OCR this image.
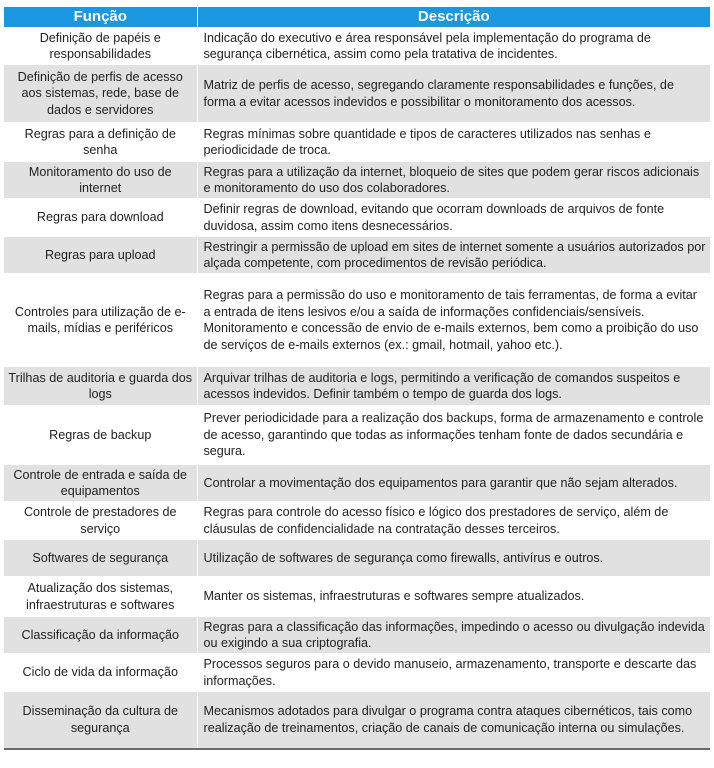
Função	Descrição
Definição de papéis e responsabilidades	Indicação do executivo e área responsável pela implementação do programa de segurança cibernética, assim como pela tratativa de incidentes.
Definição de perfis de acesso aos sistemas, rede, base de dados e servidores	Matriz de perfis de acesso, segregando claramente responsabilidades e funções, de forma a evitar acessos indevidos e possibilitar o monitoramento dos acessos.
Regras para a definição de senha	Regras mínimas sobre quantidade e tipos de caracteres utilizados nas senhas e periodicidade de troca.
Monitoramento do uso de internet	Regras para a utilização da internet, bloqueio de sites que podem gerar riscos adicionais e monitoramento do uso dos colaboradores.
Regras para download	Definir regras de download, evitando que ocorram downloads de arquivos de fonte duvidosa, assim como itens desnecessários.
Regras para upload	Restringir a permissão de upload em sites de internet somente a usuários autorizados por alçada competente, com procedimentos de revisão periódica.
Controles para utilização de e-mails, mídias e periféricos	Regras para a permissão do uso e monitoramento de tais ferramentas, de forma a evitar a entrada de itens lesivos e/ou a saída de informações confidenciais/sensíveis. Monitoramento e concessão de envio de e-mails externos, bem como a proibição do uso de serviços de e-mails externos (ex.: gmail, hotmail, yahoo etc.).
Trilhas de auditoria e guarda dos logs	Arquivar trilhas de auditoria e logs, permitindo a verificação de comandos suspeitos e acessos indevidos. Definir também o tempo de guarda dos logs.
Regras de backup	Prever periodicidade para a realização dos backups, forma de armazenamento e controle de acesso, garantindo que todas as informações tenham fonte de dados secundária e segura.
Controle de entrada e saída de equipamentos	Controlar a movimentação dos equipamentos para garantir que não sejam alterados.
Controle de prestadores de serviço	Regras para controle do acesso físico e lógico dos prestadores de serviço, além de cláusulas de confidencialidade na contratação desses terceiros.
Softwares de segurança	Utilização de softwares de segurança como firewalls, antivírus e outros.
Atualização dos sistemas, infraestruturas e softwares	Manter os sistemas, infraestruturas e softwares sempre atualizados.
Classificação da informação	Regras para a classificação das informações, impedindo o acesso ou divulgação indevida ou exigindo a sua criptografia.
Ciclo de vida da informação	Processos seguros para o devido manuseio, armazenamento, transporte e descarte das informações.
Disseminação da cultura de segurança	Mecanismos adotados para divulgar o programa contra ataques cibernéticos, tais como realização de treinamentos, criação de canais de comunicação interna ou simulações.
